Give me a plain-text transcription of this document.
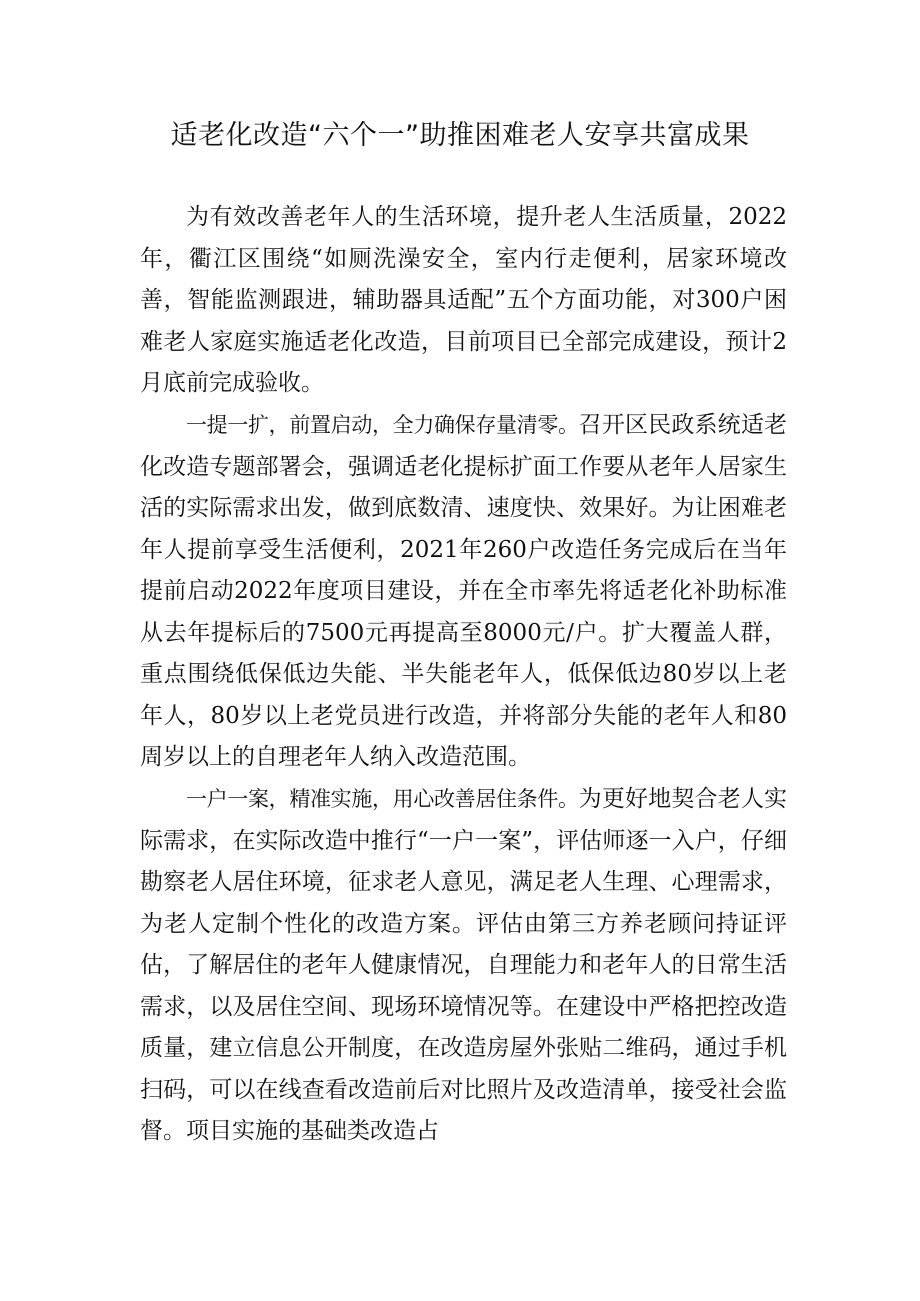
适老化改造“六个一”助推困难老人安享共富成果

为有效改善老年人的生活环境，提升老人生活质量，2022年，衢江区围绕“如厕洗澡安全，室内行走便利，居家环境改善，智能监测跟进，辅助器具适配”五个方面功能，对300户困难老人家庭实施适老化改造，目前项目已全部完成建设，预计2月底前完成验收。

一提一扩，前置启动，全力确保存量清零。召开区民政系统适老化改造专题部署会，强调适老化提标扩面工作要从老年人居家生活的实际需求出发，做到底数清、速度快、效果好。为让困难老年人提前享受生活便利，2021年260户改造任务完成后在当年提前启动2022年度项目建设，并在全市率先将适老化补助标准从去年提标后的7500元再提高至8000元/户。扩大覆盖人群，重点围绕低保低边失能、半失能老年人，低保低边80岁以上老年人，80岁以上老党员进行改造，并将部分失能的老年人和80周岁以上的自理老年人纳入改造范围。

一户一案，精准实施，用心改善居住条件。为更好地契合老人实际需求，在实际改造中推行“一户一案”，评估师逐一入户，仔细勘察老人居住环境，征求老人意见，满足老人生理、心理需求，为老人定制个性化的改造方案。评估由第三方养老顾问持证评估，了解居住的老年人健康情况，自理能力和老年人的日常生活需求，以及居住空间、现场环境情况等。在建设中严格把控改造质量，建立信息公开制度，在改造房屋外张贴二维码，通过手机扫码，可以在线查看改造前后对比照片及改造清单，接受社会监督。项目实施的基础类改造占
